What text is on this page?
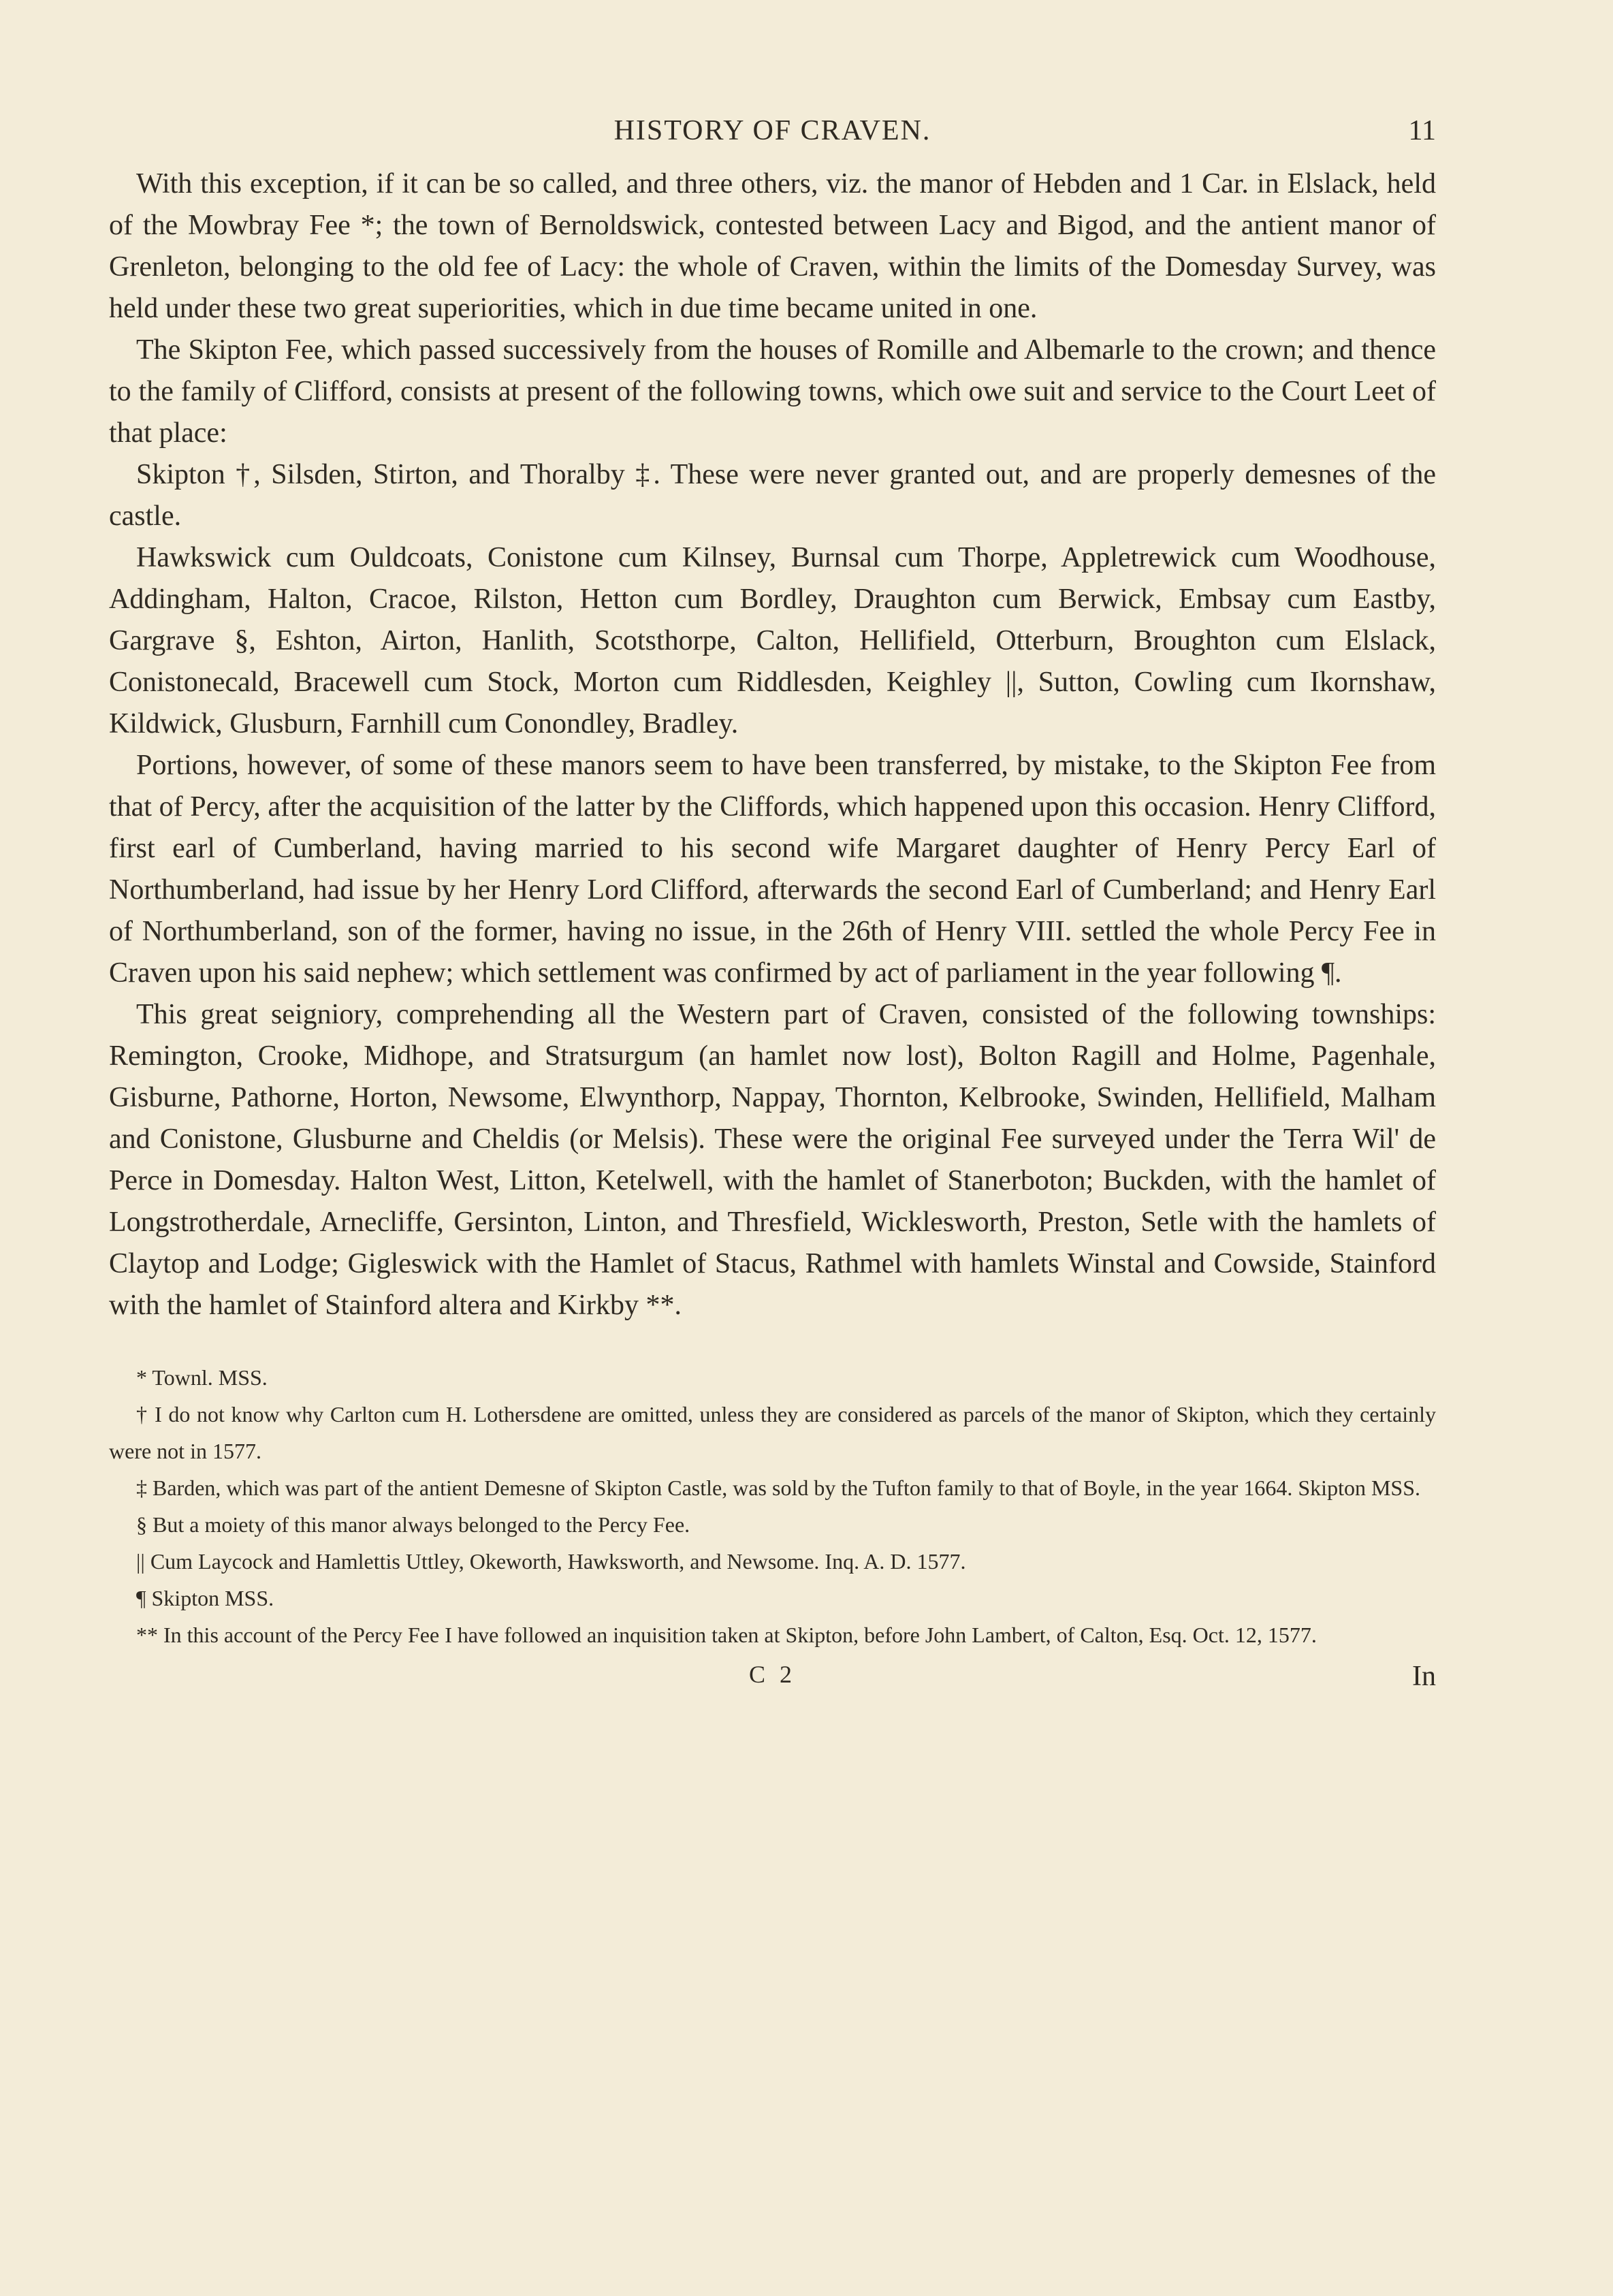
HISTORY OF CRAVEN.	11

With this exception, if it can be so called, and three others, viz. the manor of Hebden and 1 Car. in Elslack, held of the Mowbray Fee *; the town of Bernoldswick, contested between Lacy and Bigod, and the antient manor of Grenleton, belonging to the old fee of Lacy: the whole of Craven, within the limits of the Domesday Survey, was held under these two great superiorities, which in due time became united in one.

The Skipton Fee, which passed successively from the houses of Romille and Albemarle to the crown; and thence to the family of Clifford, consists at present of the following towns, which owe suit and service to the Court Leet of that place:

Skipton †, Silsden, Stirton, and Thoralby ‡. These were never granted out, and are properly demesnes of the castle.

Hawkswick cum Ouldcoats, Conistone cum Kilnsey, Burnsal cum Thorpe, Appletrewick cum Woodhouse, Addingham, Halton, Cracoe, Rilston, Hetton cum Bordley, Draughton cum Berwick, Embsay cum Eastby, Gargrave §, Eshton, Airton, Hanlith, Scotsthorpe, Calton, Hellifield, Otterburn, Broughton cum Elslack, Conistonecald, Bracewell cum Stock, Morton cum Riddlesden, Keighley ||, Sutton, Cowling cum Ikornshaw, Kildwick, Glusburn, Farnhill cum Conondley, Bradley.

Portions, however, of some of these manors seem to have been transferred, by mistake, to the Skipton Fee from that of Percy, after the acquisition of the latter by the Cliffords, which happened upon this occasion. Henry Clifford, first earl of Cumberland, having married to his second wife Margaret daughter of Henry Percy Earl of Northumberland, had issue by her Henry Lord Clifford, afterwards the second Earl of Cumberland; and Henry Earl of Northumberland, son of the former, having no issue, in the 26th of Henry VIII. settled the whole Percy Fee in Craven upon his said nephew; which settlement was confirmed by act of parliament in the year following ¶.

This great seigniory, comprehending all the Western part of Craven, consisted of the following townships: Remington, Crooke, Midhope, and Stratsurgum (an hamlet now lost), Bolton Ragill and Holme, Pagenhale, Gisburne, Pathorne, Horton, Newsome, Elwynthorp, Nappay, Thornton, Kelbrooke, Swinden, Hellifield, Malham and Conistone, Glusburne and Cheldis (or Melsis). These were the original Fee surveyed under the Terra Wil' de Perce in Domesday. Halton West, Litton, Ketelwell, with the hamlet of Stanerboton; Buckden, with the hamlet of Longstrotherdale, Arnecliffe, Gersinton, Linton, and Thresfield, Wicklesworth, Preston, Setle with the hamlets of Claytop and Lodge; Gigleswick with the Hamlet of Stacus, Rathmel with hamlets Winstal and Cowside, Stainford with the hamlet of Stainford altera and Kirkby **.

* Townl. MSS.

† I do not know why Carlton cum H. Lothersdene are omitted, unless they are considered as parcels of the manor of Skipton, which they certainly were not in 1577.

‡ Barden, which was part of the antient Demesne of Skipton Castle, was sold by the Tufton family to that of Boyle, in the year 1664. Skipton MSS.

§ But a moiety of this manor always belonged to the Percy Fee.

|| Cum Laycock and Hamlettis Uttley, Okeworth, Hawksworth, and Newsome. Inq. A. D. 1577.

¶ Skipton MSS.

** In this account of the Percy Fee I have followed an inquisition taken at Skipton, before John Lambert, of Calton, Esq. Oct. 12, 1577.

C 2	In
